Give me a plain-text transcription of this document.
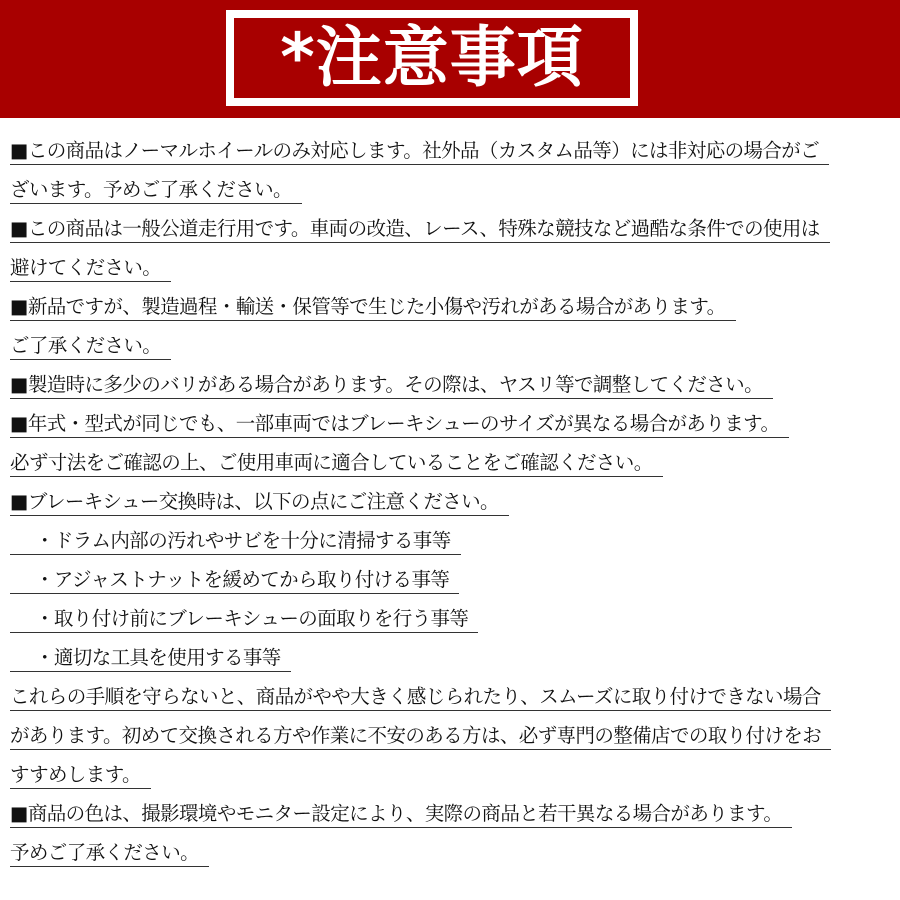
*注意事項
■この商品はノーマルホイールのみ対応します。社外品（カスタム品等）には非対応の場合がご
ざいます。予めご了承ください。
■この商品は一般公道走行用です。車両の改造、レース、特殊な競技など過酷な条件での使用は
避けてください。
■新品ですが、製造過程・輸送・保管等で生じた小傷や汚れがある場合があります。
ご了承ください。
■製造時に多少のバリがある場合があります。その際は、ヤスリ等で調整してください。
■年式・型式が同じでも、一部車両ではブレーキシューのサイズが異なる場合があります。
必ず寸法をご確認の上、ご使用車両に適合していることをご確認ください。
■ブレーキシュー交換時は、以下の点にご注意ください。
・ドラム内部の汚れやサビを十分に清掃する事等
・アジャストナットを緩めてから取り付ける事等
・取り付け前にブレーキシューの面取りを行う事等
・適切な工具を使用する事等
これらの手順を守らないと、商品がやや大きく感じられたり、スムーズに取り付けできない場合
があります。初めて交換される方や作業に不安のある方は、必ず専門の整備店での取り付けをお
すすめします。
■商品の色は、撮影環境やモニター設定により、実際の商品と若干異なる場合があります。
予めご了承ください。
